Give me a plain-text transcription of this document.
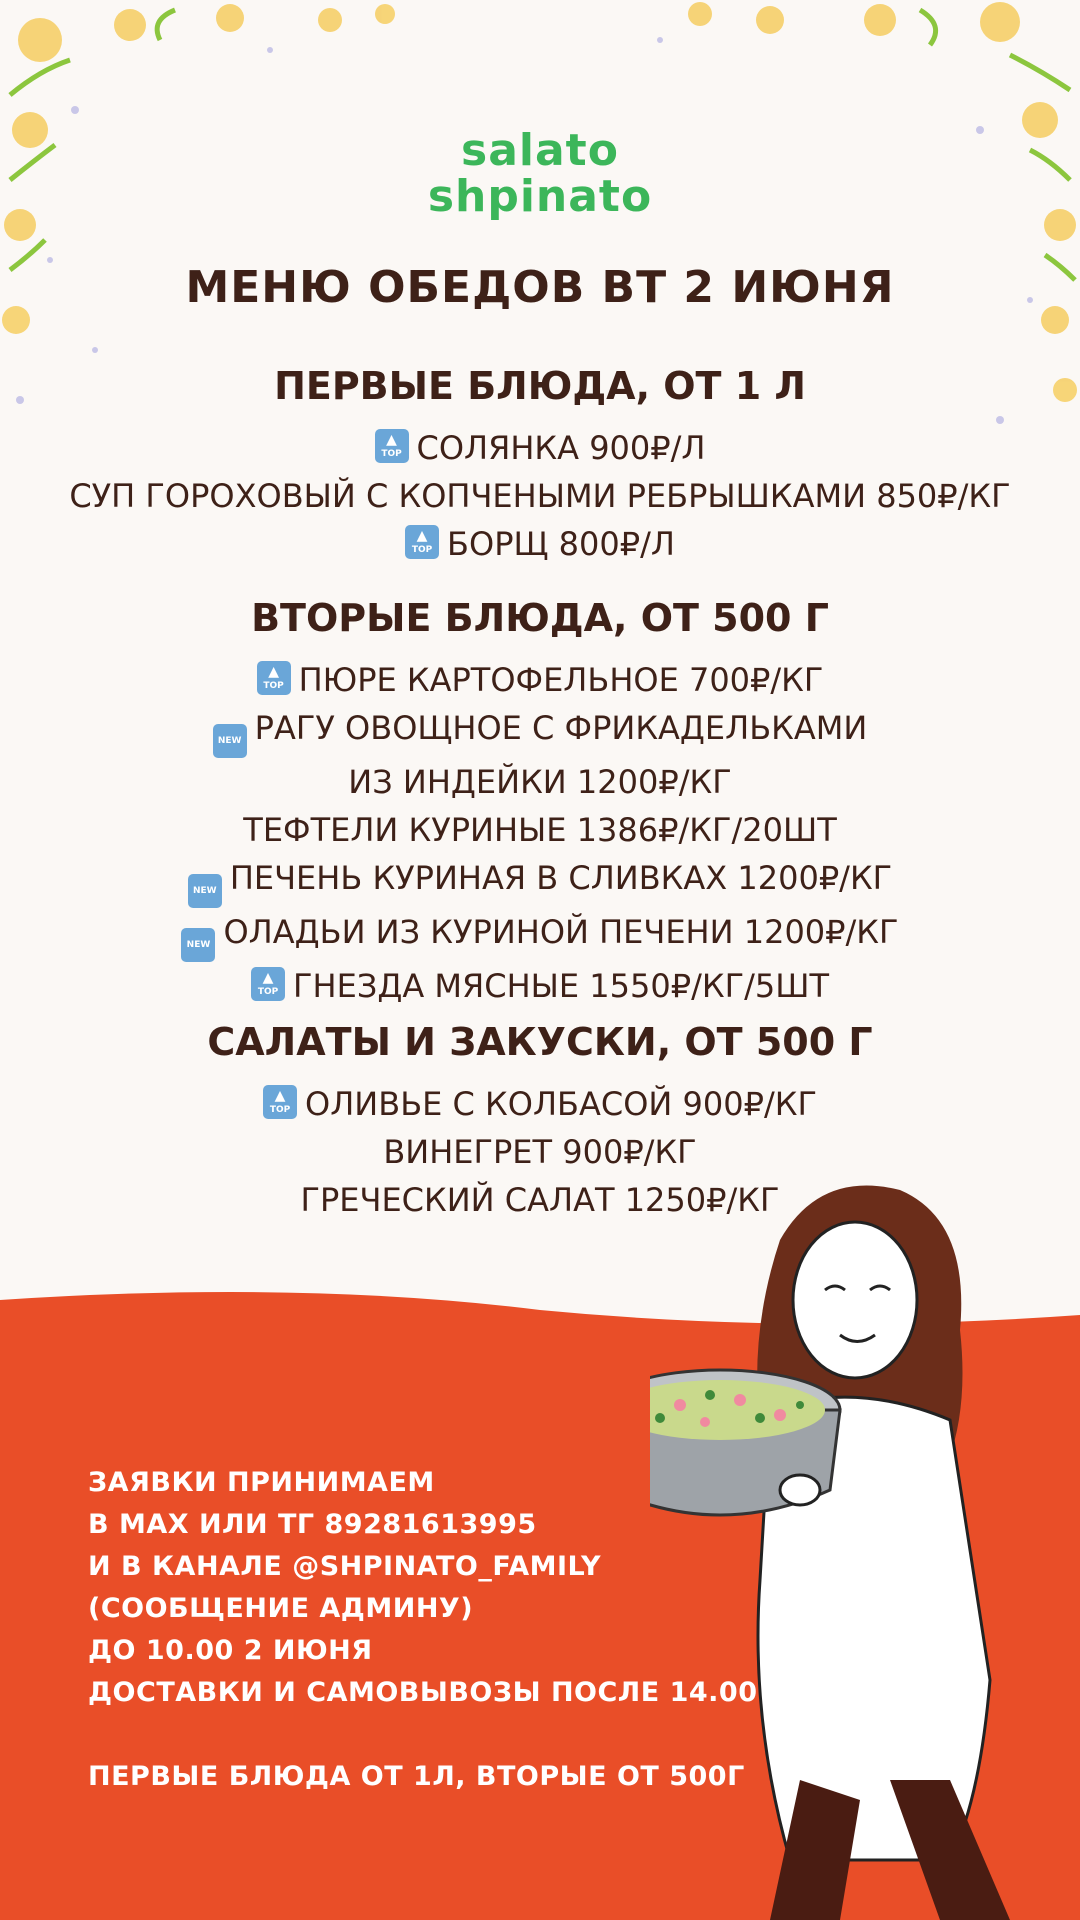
salato
shpinato
МЕНЮ ОБЕДОВ ВТ 2 ИЮНЯ
ПЕРВЫЕ БЛЮДА, ОТ 1 Л
▲ TOP СОЛЯНКА 900₽/Л
СУП ГОРОХОВЫЙ С КОПЧЕНЫМИ РЕБРЫШКАМИ 850₽/КГ
▲ TOP БОРЩ 800₽/Л
ВТОРЫЕ БЛЮДА, ОТ 500 Г
▲ TOP ПЮРЕ КАРТОФЕЛЬНОЕ 700₽/КГ
NEW РАГУ ОВОЩНОЕ С ФРИКАДЕЛЬКАМИ
ИЗ ИНДЕЙКИ 1200₽/КГ
ТЕФТЕЛИ КУРИНЫЕ 1386₽/КГ/20ШТ
NEW ПЕЧЕНЬ КУРИНАЯ В СЛИВКАХ 1200₽/КГ
NEW ОЛАДЬИ ИЗ КУРИНОЙ ПЕЧЕНИ 1200₽/КГ
▲ TOP ГНЕЗДА МЯСНЫЕ 1550₽/КГ/5ШТ
САЛАТЫ И ЗАКУСКИ, ОТ 500 Г
▲ TOP ОЛИВЬЕ С КОЛБАСОЙ 900₽/КГ
ВИНЕГРЕТ 900₽/КГ
ГРЕЧЕСКИЙ САЛАТ 1250₽/КГ
ЗАЯВКИ ПРИНИМАЕМ
В MAX ИЛИ ТГ 89281613995
И В КАНАЛЕ @SHPINATO_FAMILY
(СООБЩЕНИЕ АДМИНУ)
ДО 10.00 2 ИЮНЯ
ДОСТАВКИ И САМОВЫВОЗЫ ПОСЛЕ 14.00

ПЕРВЫЕ БЛЮДА ОТ 1Л, ВТОРЫЕ ОТ 500Г
